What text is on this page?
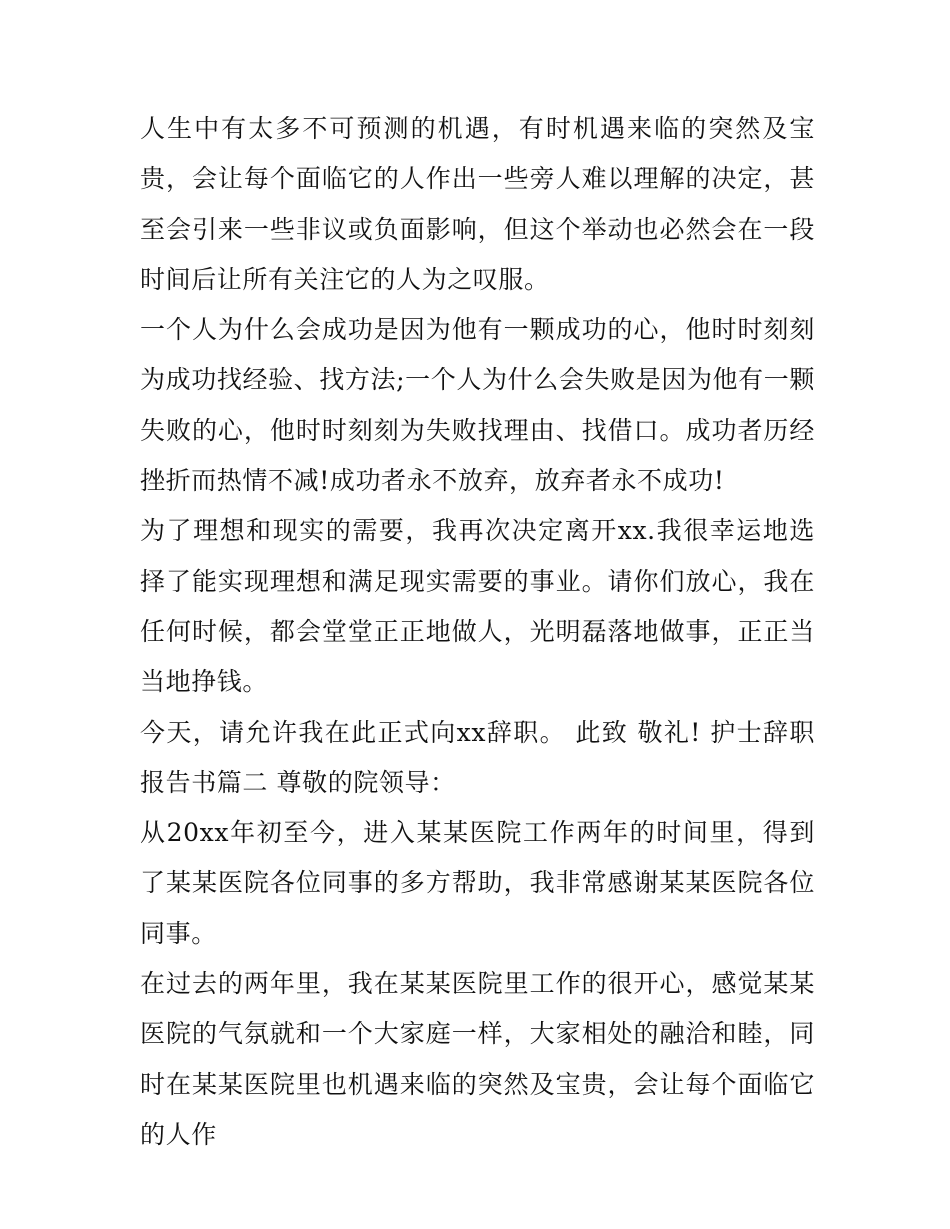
人生中有太多不可预测的机遇，有时机遇来临的突然及宝贵，会让每个面临它的人作出一些旁人难以理解的决定，甚至会引来一些非议或负面影响，但这个举动也必然会在一段时间后让所有关注它的人为之叹服。

一个人为什么会成功是因为他有一颗成功的心，他时时刻刻为成功找经验、找方法;一个人为什么会失败是因为他有一颗失败的心，他时时刻刻为失败找理由、找借口。成功者历经挫折而热情不减!成功者永不放弃，放弃者永不成功!

为了理想和现实的需要，我再次决定离开xx.我很幸运地选择了能实现理想和满足现实需要的事业。请你们放心，我在任何时候，都会堂堂正正地做人，光明磊落地做事，正正当当地挣钱。

今天，请允许我在此正式向xx辞职。 此致 敬礼! 护士辞职报告书篇二 尊敬的院领导：

从20xx年初至今，进入某某医院工作两年的时间里，得到了某某医院各位同事的多方帮助，我非常感谢某某医院各位同事。

在过去的两年里，我在某某医院里工作的很开心，感觉某某医院的气氛就和一个大家庭一样，大家相处的融洽和睦，同时在某某医院里也机遇来临的突然及宝贵，会让每个面临它的人作
